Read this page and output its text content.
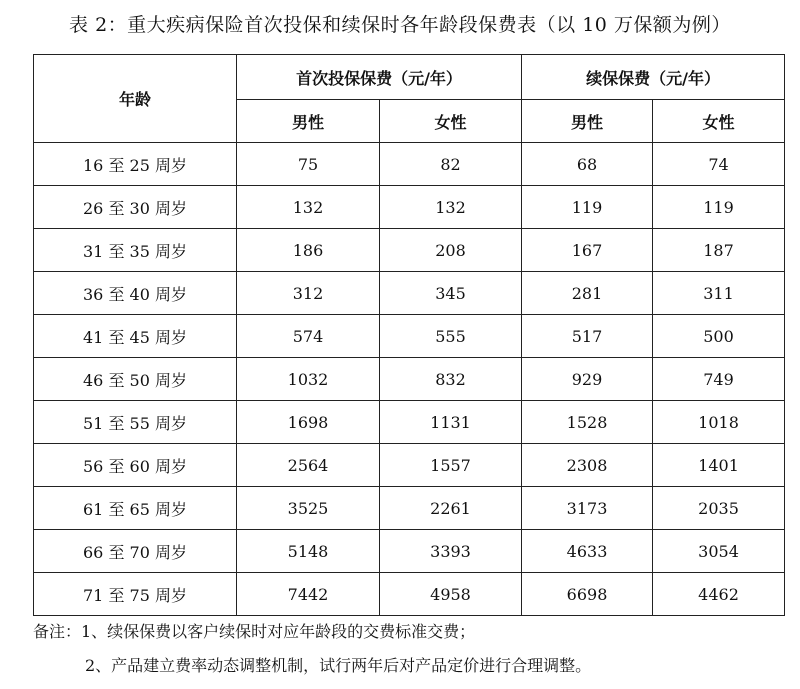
表 2：重大疾病保险首次投保和续保时各年龄段保费表（以 10 万保额为例）
年龄	首次投保保费（元/年）		续保保费（元/年）	
	男性	女性	男性	女性
16 至 25 周岁	75	82	68	74
26 至 30 周岁	132	132	119	119
31 至 35 周岁	186	208	167	187
36 至 40 周岁	312	345	281	311
41 至 45 周岁	574	555	517	500
46 至 50 周岁	1032	832	929	749
51 至 55 周岁	1698	1131	1528	1018
56 至 60 周岁	2564	1557	2308	1401
61 至 65 周岁	3525	2261	3173	2035
66 至 70 周岁	5148	3393	4633	3054
71 至 75 周岁	7442	4958	6698	4462
备注：1、续保保费以客户续保时对应年龄段的交费标准交费；
2、产品建立费率动态调整机制，试行两年后对产品定价进行合理调整。
